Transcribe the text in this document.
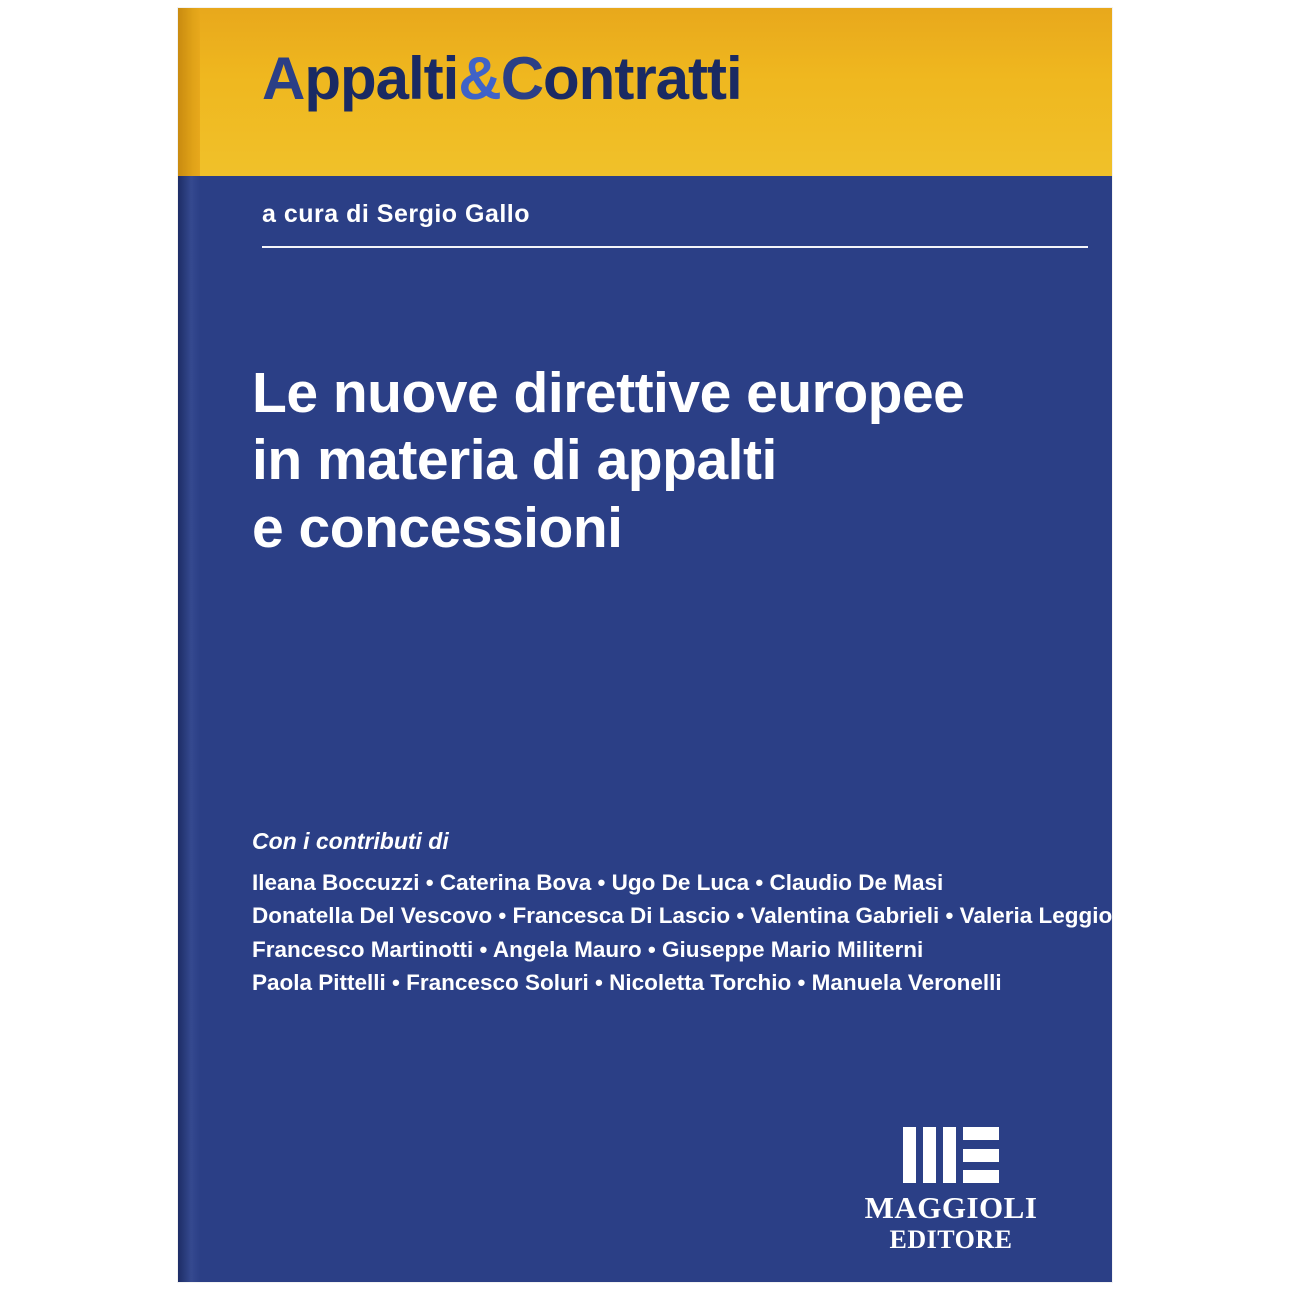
Appalti&Contratti
a cura di Sergio Gallo
Le nuove direttive europee
in materia di appalti
e concessioni
Con i contributi di
Ileana Boccuzzi • Caterina Bova • Ugo De Luca • Claudio De Masi
Donatella Del Vescovo • Francesca Di Lascio • Valentina Gabrieli • Valeria Leggio
Francesco Martinotti • Angela Mauro • Giuseppe Mario Militerni
Paola Pittelli • Francesco Soluri • Nicoletta Torchio • Manuela Veronelli
MAGGIOLI
EDITORE
